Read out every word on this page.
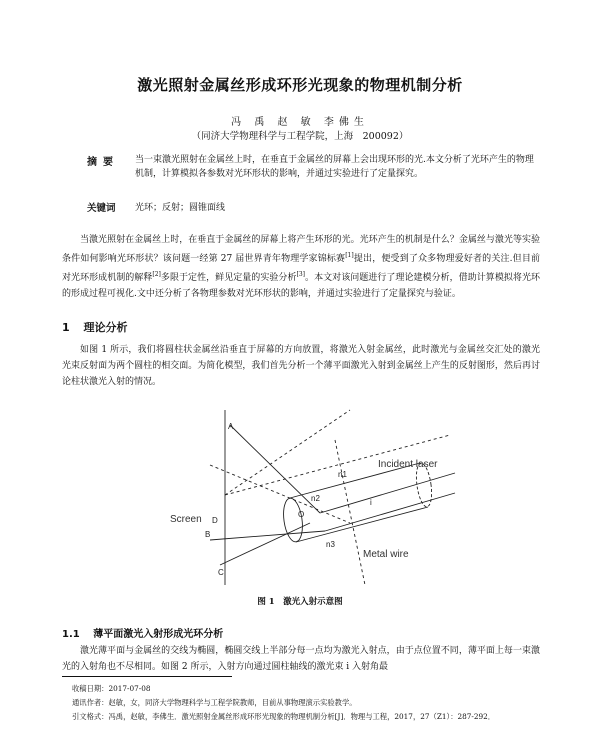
激光照射金属丝形成环形光现象的物理机制分析
冯 禹 赵 敏 李佛生
（同济大学物理科学与工程学院，上海　200092）
摘要 当一束激光照射在金属丝上时，在垂直于金属丝的屏幕上会出现环形的光.本文分析了光环产生的物理机制，计算模拟各参数对光环形状的影响，并通过实验进行了定量探究。
关键词 光环；反射；圆锥面线
当激光照射在金属丝上时，在垂直于金属丝的屏幕上将产生环形的光。光环产生的机制是什么？金属丝与激光等实验条件如何影响光环形状？该问题一经第 27 届世界青年物理学家锦标赛[1]提出，便受到了众多物理爱好者的关注.但目前对光环形成机制的解释[2]多限于定性，鲜见定量的实验分析[3]。本文对该问题进行了理论建模分析，借助计算模拟将光环的形成过程可视化.文中还分析了各物理参数对光环形状的影响，并通过实验进行了定量探究与验证。
1 理论分析
如图 1 所示，我们将圆柱状金属丝沿垂直于屏幕的方向放置，将激光入射金属丝，此时激光与金属丝交汇处的激光光束反射面为两个圆柱的相交面。为简化模型，我们首先分析一个薄平面激光入射到金属丝上产生的反射图形，然后再讨论柱状激光入射的情况。
A
B
C
D
n1
n2
n3
i
O
Incident laser
Screen
Metal wire
图 1　激光入射示意图
1.1 薄平面激光入射形成光环分析
激光薄平面与金属丝的交线为椭圆，椭圆交线上半部分每一点均为激光入射点，由于点位置不同，薄平面上每一束激光的入射角也不尽相同。如图 2 所示，入射方向通过圆柱轴线的激光束 i 入射角最
收稿日期：2017-07-08
通讯作者：赵敏，女，同济大学物理科学与工程学院教师，目前从事物理演示实验教学。
引文格式：冯禹，赵敏，李佛生．激光照射金属丝形成环形光现象的物理机制分析[J]．物理与工程，2017，27（Z1）：287-292．
